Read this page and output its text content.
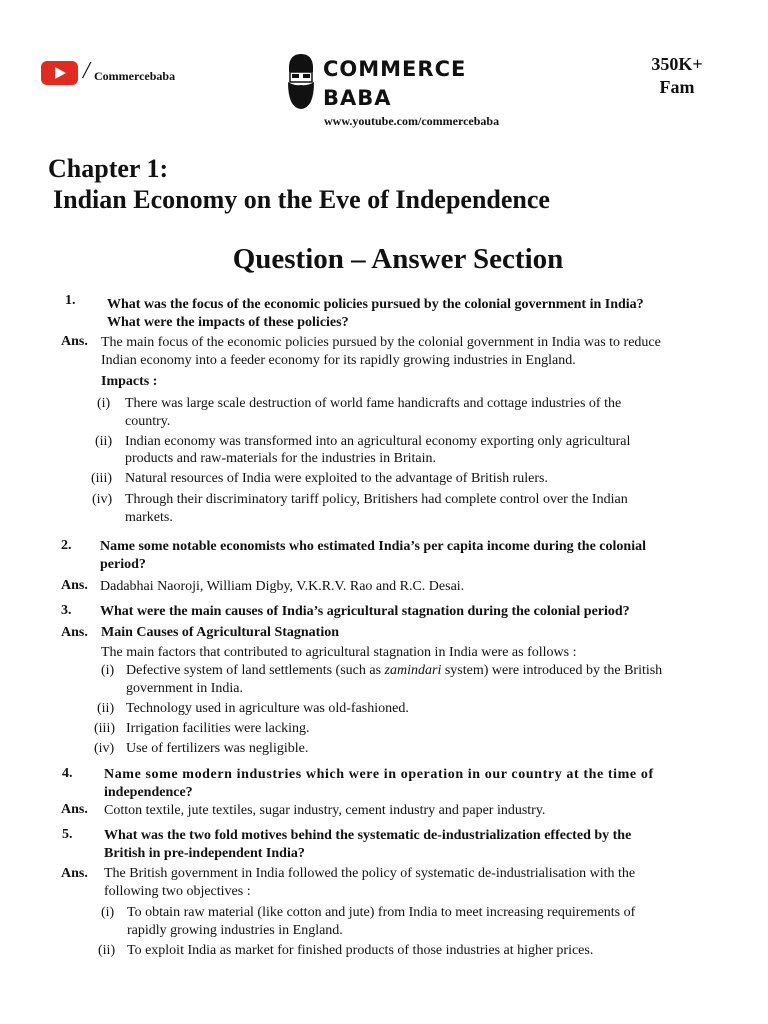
/ Commercebaba	COMMERCE
BABA
www.youtube.com/commercebaba
350K+
Fam
Chapter 1:
Indian Economy on the Eve of Independence
Question – Answer Section
1. What was the focus of the economic policies pursued by the colonial government in India?
What were the impacts of these policies?
Ans. The main focus of the economic policies pursued by the colonial government in India was to reduce
Indian economy into a feeder economy for its rapidly growing industries in England.
Impacts :
(i) There was large scale destruction of world fame handicrafts and cottage industries of the
country.
(ii) Indian economy was transformed into an agricultural economy exporting only agricultural
products and raw-materials for the industries in Britain.
(iii) Natural resources of India were exploited to the advantage of British rulers.
(iv) Through their discriminatory tariff policy, Britishers had complete control over the Indian
markets.
2. Name some notable economists who estimated India’s per capita income during the colonial
period?
Ans. Dadabhai Naoroji, William Digby, V.K.R.V. Rao and R.C. Desai.
3. What were the main causes of India’s agricultural stagnation during the colonial period?
Ans. Main Causes of Agricultural Stagnation
The main factors that contributed to agricultural stagnation in India were as follows :
(i) Defective system of land settlements (such as zamindari system) were introduced by the British
government in India.
(ii) Technology used in agriculture was old-fashioned.
(iii) Irrigation facilities were lacking.
(iv) Use of fertilizers was negligible.
4. Name some modern industries which were in operation in our country at the time of
independence?
Ans. Cotton textile, jute textiles, sugar industry, cement industry and paper industry.
5. What was the two fold motives behind the systematic de-industrialization effected by the
British in pre-independent India?
Ans. The British government in India followed the policy of systematic de-industrialisation with the
following two objectives :
(i) To obtain raw material (like cotton and jute) from India to meet increasing requirements of
rapidly growing industries in England.
(ii) To exploit India as market for finished products of those industries at higher prices.
